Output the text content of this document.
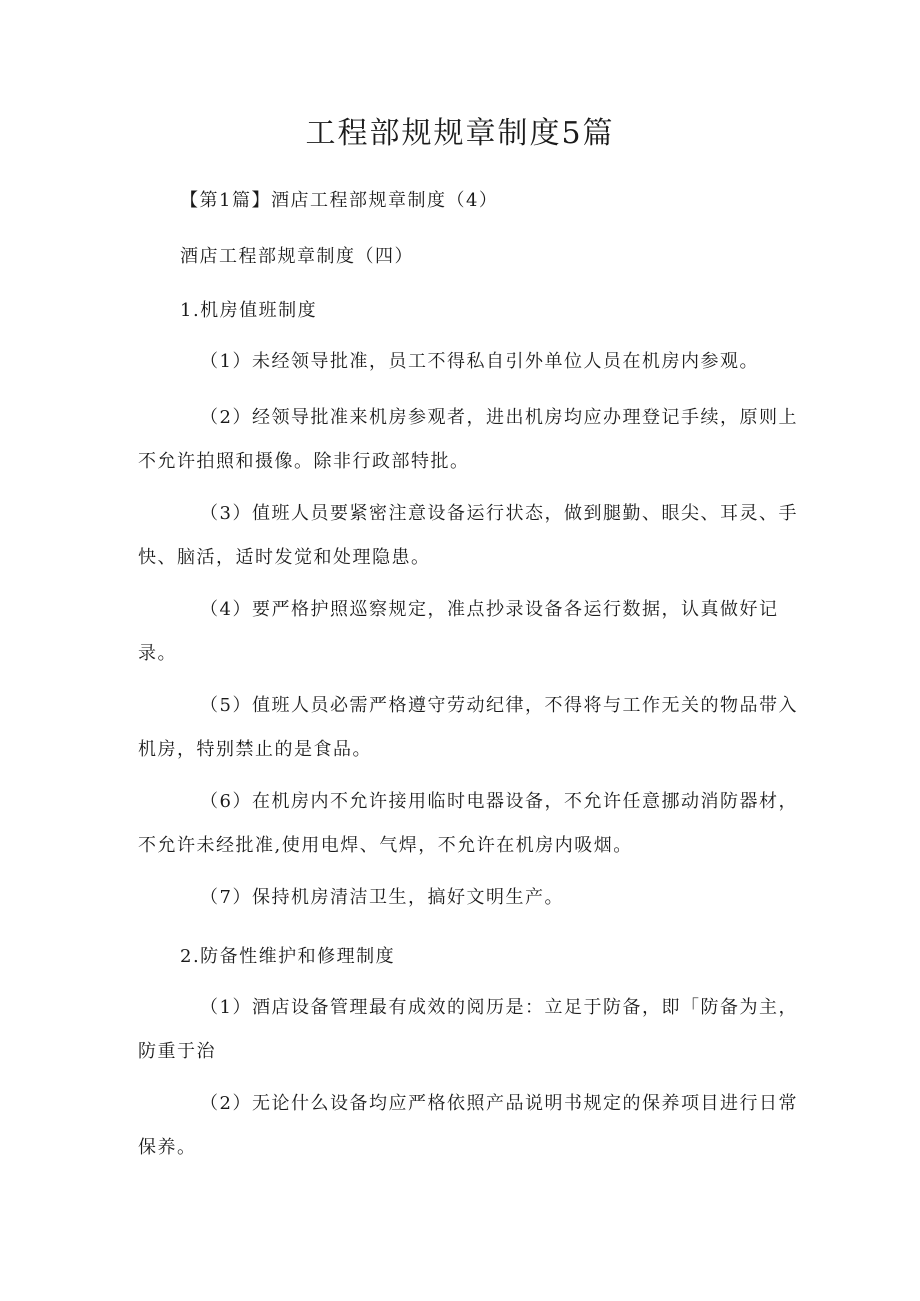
工程部规规章制度5篇

【第1篇】酒店工程部规章制度（4）

酒店工程部规章制度（四）

1.机房值班制度

（1）未经领导批准，员工不得私自引外单位人员在机房内参观。

（2）经领导批准来机房参观者，进出机房均应办理登记手续，原则上不允许拍照和摄像。除非行政部特批。

（3）值班人员要紧密注意设备运行状态，做到腿勤、眼尖、耳灵、手快、脑活，适时发觉和处理隐患。

（4）要严格护照巡察规定，准点抄录设备各运行数据，认真做好记录。

（5）值班人员必需严格遵守劳动纪律，不得将与工作无关的物品带入机房，特别禁止的是食品。

（6）在机房内不允许接用临时电器设备，不允许任意挪动消防器材，不允许未经批准,使用电焊、气焊，不允许在机房内吸烟。

（7）保持机房清洁卫生，搞好文明生产。

2.防备性维护和修理制度

（1）酒店设备管理最有成效的阅历是：立足于防备，即「防备为主，防重于治

（2）无论什么设备均应严格依照产品说明书规定的保养项目进行日常保养。
